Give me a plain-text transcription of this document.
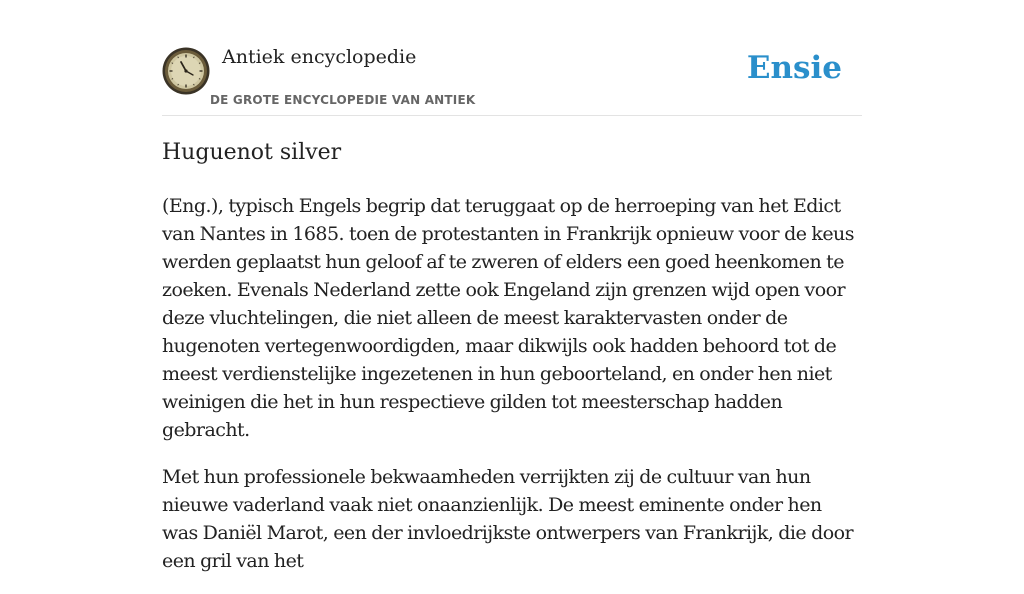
Antiek encyclopedie
DE GROTE ENCYCLOPEDIE VAN ANTIEK
Ensie
Huguenot silver

(Eng.), typisch Engels begrip dat teruggaat op de herroeping van het Edict van Nantes in 1685. toen de protestanten in Frankrijk opnieuw voor de keus werden geplaatst hun geloof af te zweren of elders een goed heenkomen te zoeken. Evenals Nederland zette ook Engeland zijn grenzen wijd open voor deze vluchtelingen, die niet alleen de meest karaktervasten onder de hugenoten vertegenwoordigden, maar dikwijls ook hadden behoord tot de meest verdienstelijke ingezetenen in hun geboorteland, en onder hen niet weinigen die het in hun respectieve gilden tot meesterschap hadden gebracht.

Met hun professionele bekwaamheden verrijkten zij de cultuur van hun nieuwe vaderland vaak niet onaanzienlijk. De meest eminente onder hen was Daniël Marot, een der invloedrijkste ontwerpers van Frankrijk, die door een gril van het
